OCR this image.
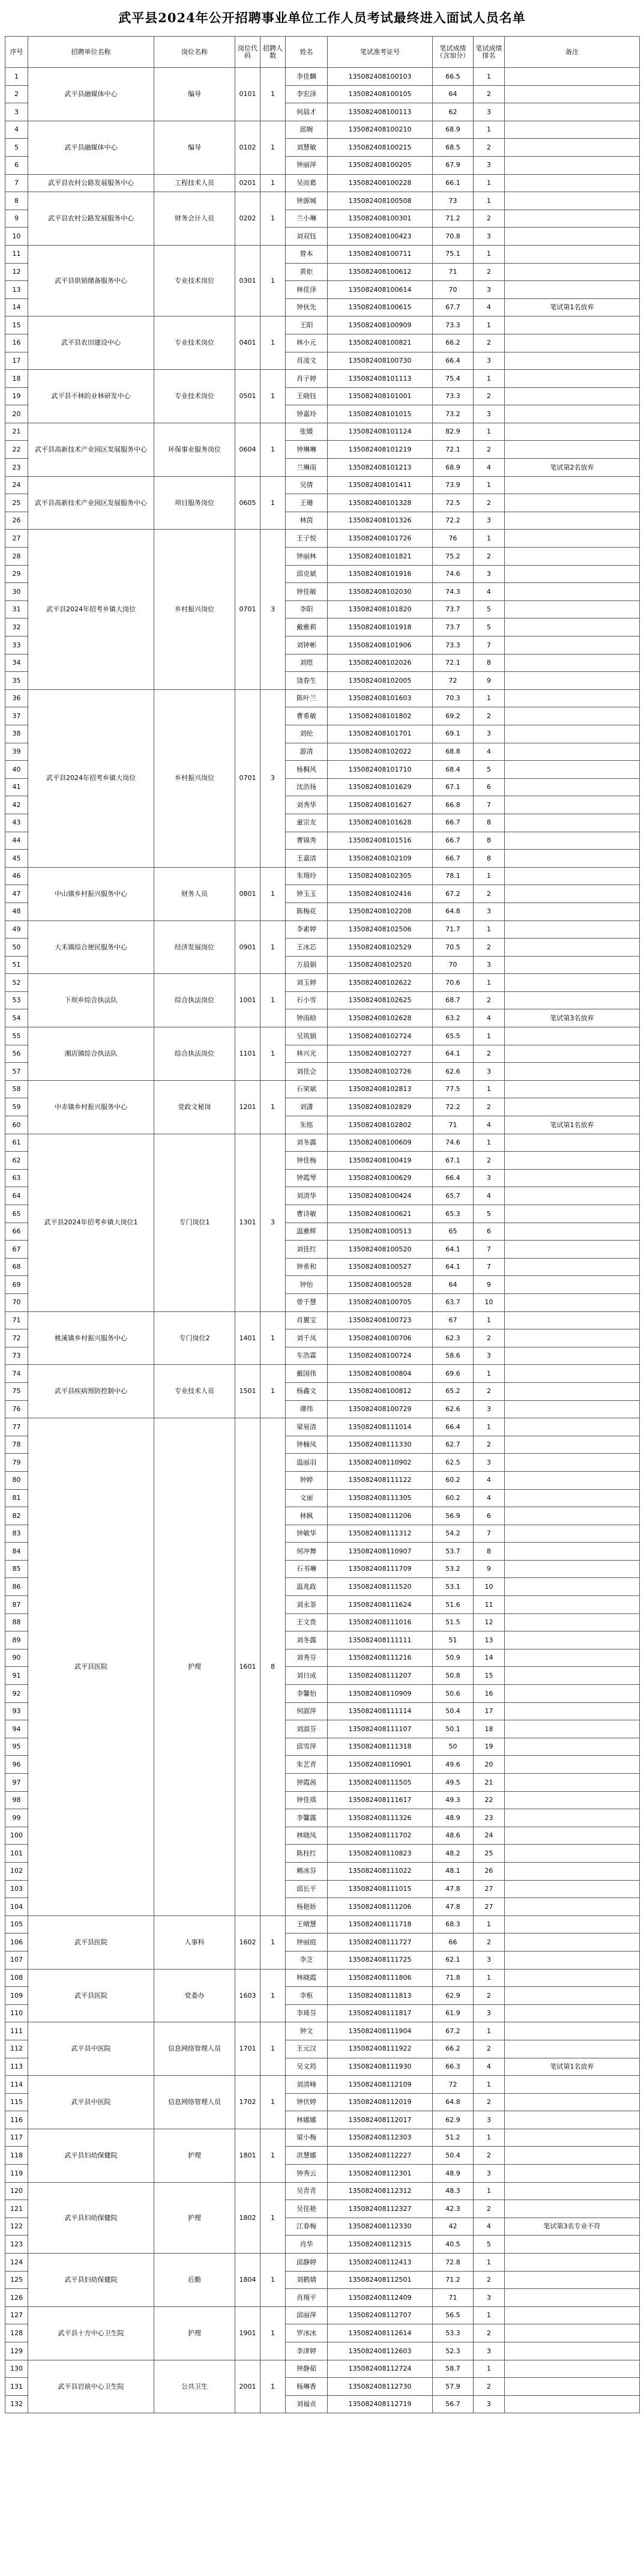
武平县2024年公开招聘事业单位工作人员考试最终进入面试人员名单
序号	招聘单位名称	岗位名称	岗位代码	招聘人数	姓名	笔试准考证号	笔试成绩（含加分）	笔试成绩排名	备注
1	武平县融媒体中心	编导	0101	1	李佳麟	135082408100103	66.5	1	
2					李宏泽	135082408100105	64	2	
3					何晨才	135082408100113	62	3	
4	武平县融媒体中心	编导	0102	1	邱婉	135082408100210	68.9	1	
5					刘慧敏	135082408100215	68.5	2	
6					钟丽萍	135082408100205	67.9	3	
7	武平县农村公路发展服务中心	工程技术人员	0201	1	吴而葛	135082408100228	66.1	1	
8	武平县农村公路发展服务中心	财务会计人员	0202	1	钟源城	135082408100508	73	1	
9					兰小琳	135082408100301	71.2	2	
10					刘双钰	135082408100423	70.8	3	
11	武平县供销储备服务中心	专业技术岗位	0301	1	曾本	135082408100711	75.1	1	
12					黄炬	135082408100612	71	2	
13					林佳泽	135082408100614	70	3	
14					钟伙先	135082408100615	67.7	4	笔试第1名放弃
15	武平县农田建设中心	专业技术岗位	0401	1	王阳	135082408100909	73.3	1	
16					林小元	135082408100821	66.2	2	
17					肖凌文	135082408100730	66.4	3	
18	武平县不林的业林研发中心	专业技术岗位	0501	1	肖子婷	135082408101113	75.4	1	
19					王晓钰	135082408101001	73.3	2	
20					钟嘉玲	135082408101015	73.2	3	
21	武平县高新技术产业园区发展服务中心	环保事业服务岗位	0604	1	张媛	135082408101124	82.9	1	
22					钟琳琳	135082408101219	72.1	2	
23					兰琳雨	135082408101213	68.9	4	笔试第2名放弃
24	武平县高新技术产业园区发展服务中心	项目服务岗位	0605	1	吴倩	135082408101411	73.9	1	
25					王珊	135082408101328	72.5	2	
26					林茵	135082408101326	72.2	3	
27	武平县2024年招考乡镇大岗位	乡村振兴岗位	0701	3	王子悦	135082408101726	76	1	
28					钟丽林	135082408101821	75.2	2	
29					邱克斌	135082408101916	74.6	3	
30					钟佳敏	135082408102030	74.3	4	
31					李阳	135082408101820	73.7	5	
32					戴雅莉	135082408101918	73.7	5	
33					刘钟彬	135082408101906	73.3	7	
34					刘煜	135082408102026	72.1	8	
35					饶春生	135082408102005	72	9	
36	武平县2024年招考乡镇大岗位	乡村振兴岗位	0701	3	陈叶兰	135082408101603	70.3	1	
37					曹希敏	135082408101802	69.2	2	
38					刘纶	135082408101701	69.1	3	
39					游清	135082408102022	68.8	4	
40					杨桐风	135082408101710	68.4	5	
41					沈浩扬	135082408101629	67.1	6	
42					刘秀华	135082408101627	66.8	7	
43					童宗友	135082408101628	66.7	8	
44					曹锦秀	135082408101516	66.7	8	
45					王嘉清	135082408102109	66.7	8	
46	中山镇乡村振兴服务中心	财务人员	0801	1	朱翔玲	135082408102305	78.1	1	
47					钟玉玉	135082408102416	67.2	2	
48					陈梅花	135082408102208	64.8	3	
49	大禾镇综合便民服务中心	经济发展岗位	0901	1	李素婷	135082408102506	71.7	1	
50					王冰芯	135082408102529	70.5	2	
51					万晨娟	135082408102520	70	3	
52	下坝乡综合执法队	综合执法岗位	1001	1	刘玉婷	135082408102622	70.6	1	
53					石小雪	135082408102625	68.7	2	
54					钟雨晗	135082408102628	63.2	4	笔试第3名放弃
55	湘店镇综合执法队	综合执法岗位	1101	1	吴筑娟	135082408102724	65.5	1	
56					林兴光	135082408102727	64.1	2	
57					刘佳会	135082408102726	62.6	3	
58	中赤镇乡村振兴服务中心	党政文秘岗	1201	1	石荣斌	135082408102813	77.5	1	
59					刘潇	135082408102829	72.2	2	
60					朱铭	135082408102802	71	4	笔试第1名放弃
61	武平县2024年招考乡镇大岗位1	专门岗位1	1301	3	刘冬露	135082408100609	74.6	1	
62					钟佳梅	135082408100419	67.1	2	
63					钟霞琴	135082408100629	66.4	3	
64					刘清华	135082408100424	65.7	4	
65					曹诗敏	135082408100621	65.3	5	
66					温雅辉	135082408100513	65	6	
67					刘佳红	135082408100520	64.1	7	
68					钟希和	135082408100527	64.1	7	
69					钟怡	135082408100528	64	9	
70					曾千慧	135082408100705	63.7	10	
71	桃溪镇乡村振兴服务中心	专门岗位2	1401	1	肖翼宝	135082408100723	67	1	
72					刘千凤	135082408100706	62.3	2	
73					车浩霖	135082408100724	58.6	3	
74	武平县疾病预防控制中心	专业技术人员	1501	1	戴国伟	135082408100804	69.6	1	
75					杨鑫文	135082408100812	65.2	2	
76					谭伟	135082408100729	62.6	3	
77	武平县医院	护理	1601	8	梁易清	135082408111014	66.4	1	
78					钟楠凤	135082408111330	62.7	2	
79					温丽羽	135082408110902	62.5	3	
80					钟婷	135082408111122	60.2	4	
81					文丽	135082408111305	60.2	4	
82					林枫	135082408111206	56.9	6	
83					钟敏华	135082408111312	54.2	7	
84					何冲舞	135082408110907	53.7	8	
85					石书琳	135082408111709	53.2	9	
86					温兆政	135082408111520	53.1	10	
87					刘永茶	135082408111624	51.6	11	
88					王文贵	135082408111016	51.5	12	
89					刘冬露	135082408111111	51	13	
90					刘秀芬	135082408111216	50.9	14	
91					刘日成	135082408111207	50.8	15	
92					李馨怡	135082408110909	50.6	16	
93					何淑萍	135082408111114	50.4	17	
94					刘淑芬	135082408111107	50.1	18	
95					邱雪萍	135082408111318	50	19	
96					朱艺青	135082408110901	49.6	20	
97					钟霞茜	135082408111505	49.5	21	
98					钟佳琪	135082408111617	49.3	22	
99					李馨露	135082408111326	48.9	23	
100					林晓凤	135082408111702	48.6	24	
101					陈柱红	135082408110823	48.2	25	
102					赖冰芬	135082408111022	48.1	26	
103					邱长平	135082408111015	47.8	27	
104					杨艳娇	135082408111206	47.8	27	
105	武平县医院	人事科	1602	1	王晴慧	135082408111718	68.3	1	
106					钟丽庭	135082408111727	66	2	
107					李芝	135082408111725	62.1	3	
108	武平县医院	党委办	1603	1	林晓霞	135082408111806	71.8	1	
109					李枢	135082408111813	62.9	2	
110					李琦芬	135082408111817	61.9	3	
111	武平县中医院	信息网络管理人员	1701	1	钟文	135082408111904	67.2	1	
112					王元汉	135082408111922	66.2	2	
113					吴文筠	135082408111930	66.3	4	笔试第1名放弃
114	武平县中医院	信息网络管理人员	1702	1	刘清峰	135082408112109	72	1	
115					钟伏婷	135082408112019	64.8	2	
116					林娜娜	135082408112017	62.9	3	
117	武平县妇幼保健院	护理	1801	1	梁小梅	135082408112303	51.2	1	
118					洪慧娜	135082408112227	50.4	2	
119					钟秀云	135082408112301	48.9	3	
120	武平县妇幼保健院	护理	1802	1	吴青青	135082408112312	48.3	1	
121					吴佳艳	135082408112327	42.3	2	
122					江春梅	135082408112330	42	4	笔试第3名专业不符
123					肖华	135082408112315	40.5	5	
124	武平县妇幼保健院	后勤	1804	1	邱静婷	135082408112413	72.8	1	
125					刘鹤婧	135082408112501	71.2	2	
126					肖翔平	135082408112409	71	3	
127	武平县十方中心卫生院	护理	1901	1	邱丽萍	135082408112707	56.5	1	
128					罗冰冰	135082408112614	53.3	2	
129					李津婷	135082408112603	52.3	3	
130	武平县岩前中心卫生院	公共卫生	2001	1	钟静茹	135082408112724	58.7	1	
131					杨琳香	135082408112730	57.9	2	
132					刘福贞	135082408112719	56.7	3	
